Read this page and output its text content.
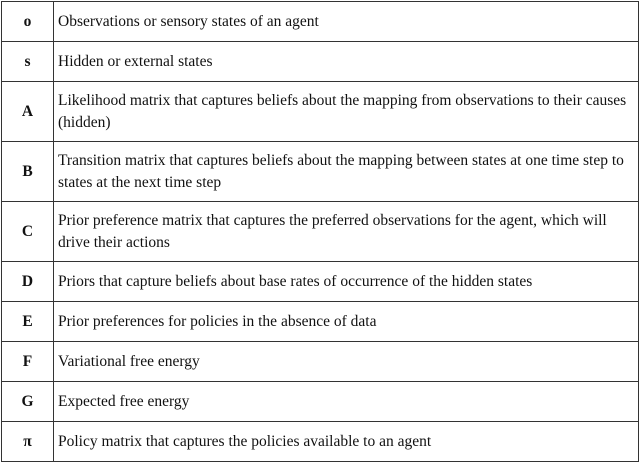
o	Observations or sensory states of an agent
s	Hidden or external states
A	Likelihood matrix that captures beliefs about the mapping from observations to their causes (hidden)
B	Transition matrix that captures beliefs about the mapping between states at one time step to states at the next time step
C	Prior preference matrix that captures the preferred observations for the agent, which will drive their actions
D	Priors that capture beliefs about base rates of occurrence of the hidden states
E	Prior preferences for policies in the absence of data
F	Variational free energy
G	Expected free energy
π	Policy matrix that captures the policies available to an agent
